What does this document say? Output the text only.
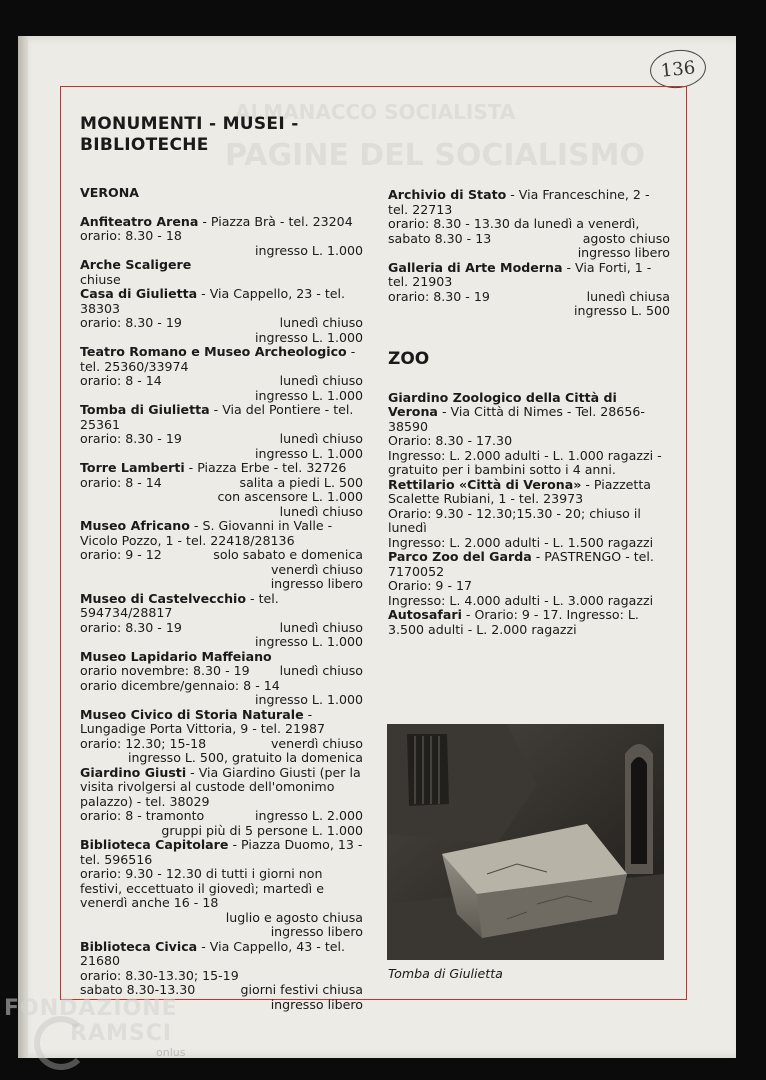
ALMANACCO SOCIALISTA
PAGINE DEL SOCIALISMO
136
MONUMENTI - MUSEI -
BIBLIOTECHE
VERONA

Anfiteatro Arena - Piazza Brà - tel. 23204

orario: 8.30 - 18
ingresso L. 1.000

Arche Scaligere

chiuse

Casa di Giulietta - Via Cappello, 23 - tel. 38303

orario: 8.30 - 19	lunedì chiuso
ingresso L. 1.000

Teatro Romano e Museo Archeologico - tel. 25360/33974

orario: 8 - 14	lunedì chiuso
ingresso L. 1.000

Tomba di Giulietta - Via del Pontiere - tel. 25361

orario: 8.30 - 19	lunedì chiuso
ingresso L. 1.000

Torre Lamberti - Piazza Erbe - tel. 32726

orario: 8 - 14	salita a piedi L. 500
con ascensore L. 1.000
lunedì chiuso

Museo Africano - S. Giovanni in Valle - Vicolo Pozzo, 1 - tel. 22418/28136

orario: 9 - 12	solo sabato e domenica
venerdì chiuso
ingresso libero

Museo di Castelvecchio - tel. 594734/28817

orario: 8.30 - 19	lunedì chiuso
ingresso L. 1.000

Museo Lapidario Maffeiano

orario novembre: 8.30 - 19 lunedì chiuso
orario dicembre/gennaio: 8 - 14
ingresso L. 1.000

Museo Civico di Storia Naturale - Lungadige Porta Vittoria, 9 - tel. 21987

orario: 12.30; 15-18	venerdì chiuso
ingresso L. 500, gratuito la domenica

Giardino Giusti - Via Giardino Giusti (per la visita rivolgersi al custode dell'omonimo palazzo) - tel. 38029

orario: 8 - tramonto	ingresso L. 2.000
gruppi più di 5 persone L. 1.000

Biblioteca Capitolare - Piazza Duomo, 13 - tel. 596516

orario: 9.30 - 12.30 di tutti i giorni non festivi, eccettuato il giovedì; martedì e venerdì anche 16 - 18
luglio e agosto chiusa
ingresso libero

Biblioteca Civica - Via Cappello, 43 - tel. 21680

orario: 8.30-13.30; 15-19
sabato 8.30-13.30	giorni festivi chiusa
ingresso libero

Archivio di Stato - Via Franceschine, 2 - tel. 22713

orario: 8.30 - 13.30 da lunedì a venerdì,
sabato 8.30 - 13	agosto chiuso
ingresso libero

Galleria di Arte Moderna - Via Forti, 1 - tel. 21903

orario: 8.30 - 19	lunedì chiusa
ingresso L. 500
ZOO

Giardino Zoologico della Città di Verona - Via Città di Nimes - Tel. 28656-38590

Orario: 8.30 - 17.30
Ingresso: L. 2.000 adulti - L. 1.000 ragazzi - gratuito per i bambini sotto i 4 anni.

Rettilario «Città di Verona» - Piazzetta Scalette Rubiani, 1 - tel. 23973

Orario: 9.30 - 12.30;15.30 - 20; chiuso il lunedì
Ingresso: L. 2.000 adulti - L. 1.500 ragazzi

Parco Zoo del Garda - PASTRENGO - tel. 7170052

Orario: 9 - 17
Ingresso: L. 4.000 adulti - L. 3.000 ragazzi

Autosafari - Orario: 9 - 17. Ingresso: L. 3.500 adulti - L. 2.000 ragazzi

Tomba di Giulietta
FONDAZIONE
RAMSCI
onlus
